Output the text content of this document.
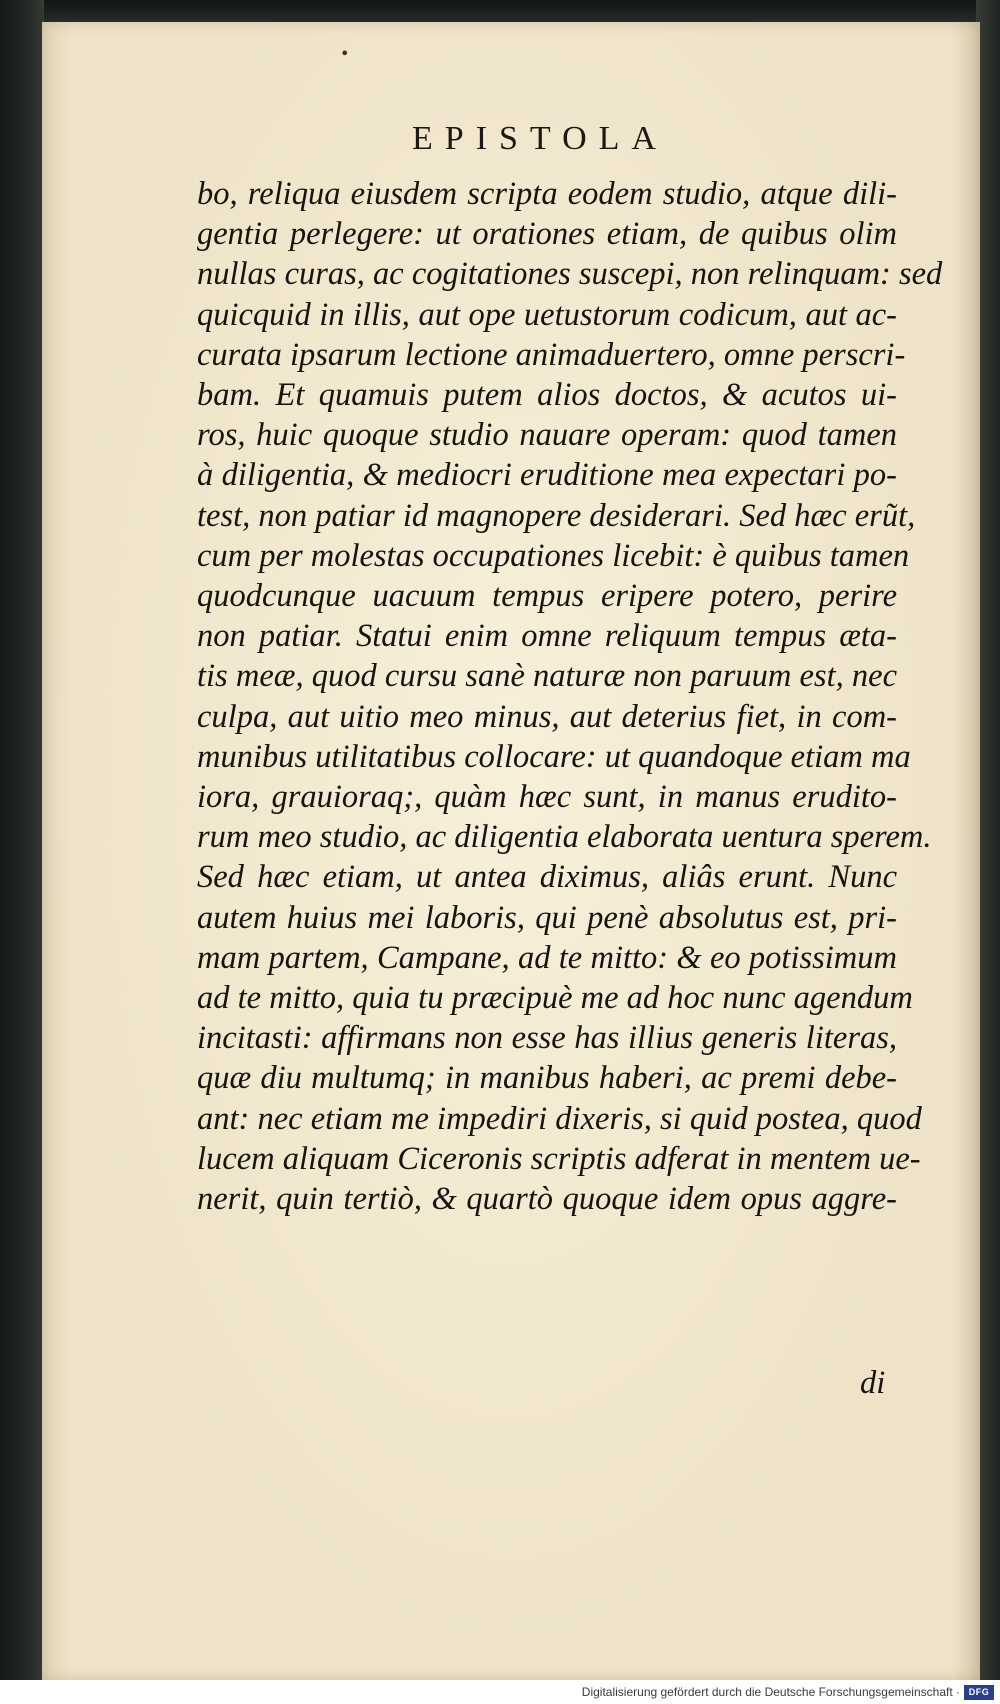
•
EPISTOLA
bo, reliqua eiusdem scripta eodem studio, atque dili-
gentia perlegere: ut orationes etiam, de quibus olim
nullas curas, ac cogitationes suscepi, non relinquam: sed
quicquid in illis, aut ope uetustorum codicum, aut ac-
curata ipsarum lectione animaduertero, omne perscri-
bam. Et quamuis putem alios doctos, & acutos ui-
ros, huic quoque studio nauare operam: quod tamen
à diligentia, & mediocri eruditione mea expectari po-
test, non patiar id magnopere desiderari. Sed hæc erũt,
cum per molestas occupationes licebit: è quibus tamen
quodcunque uacuum tempus eripere potero, perire
non patiar. Statui enim omne reliquum tempus æta-
tis meæ, quod cursu sanè naturæ non paruum est, nec
culpa, aut uitio meo minus, aut deterius fiet, in com-
munibus utilitatibus collocare: ut quandoque etiam ma
iora, grauioraq;, quàm hæc sunt, in manus erudito-
rum meo studio, ac diligentia elaborata uentura sperem.
Sed hæc etiam, ut antea diximus, aliâs erunt. Nunc
autem huius mei laboris, qui penè absolutus est, pri-
mam partem, Campane, ad te mitto: & eo potissimum
ad te mitto, quia tu præcipuè me ad hoc nunc agendum
incitasti: affirmans non esse has illius generis literas,
quæ diu multumq; in manibus haberi, ac premi debe-
ant: nec etiam me impediri dixeris, si quid postea, quod
lucem aliquam Ciceronis scriptis adferat in mentem ue-
nerit, quin tertiò, & quartò quoque idem opus aggre-
di
Digitalisierung gefördert durch die Deutsche Forschungsgemeinschaft · DFG
